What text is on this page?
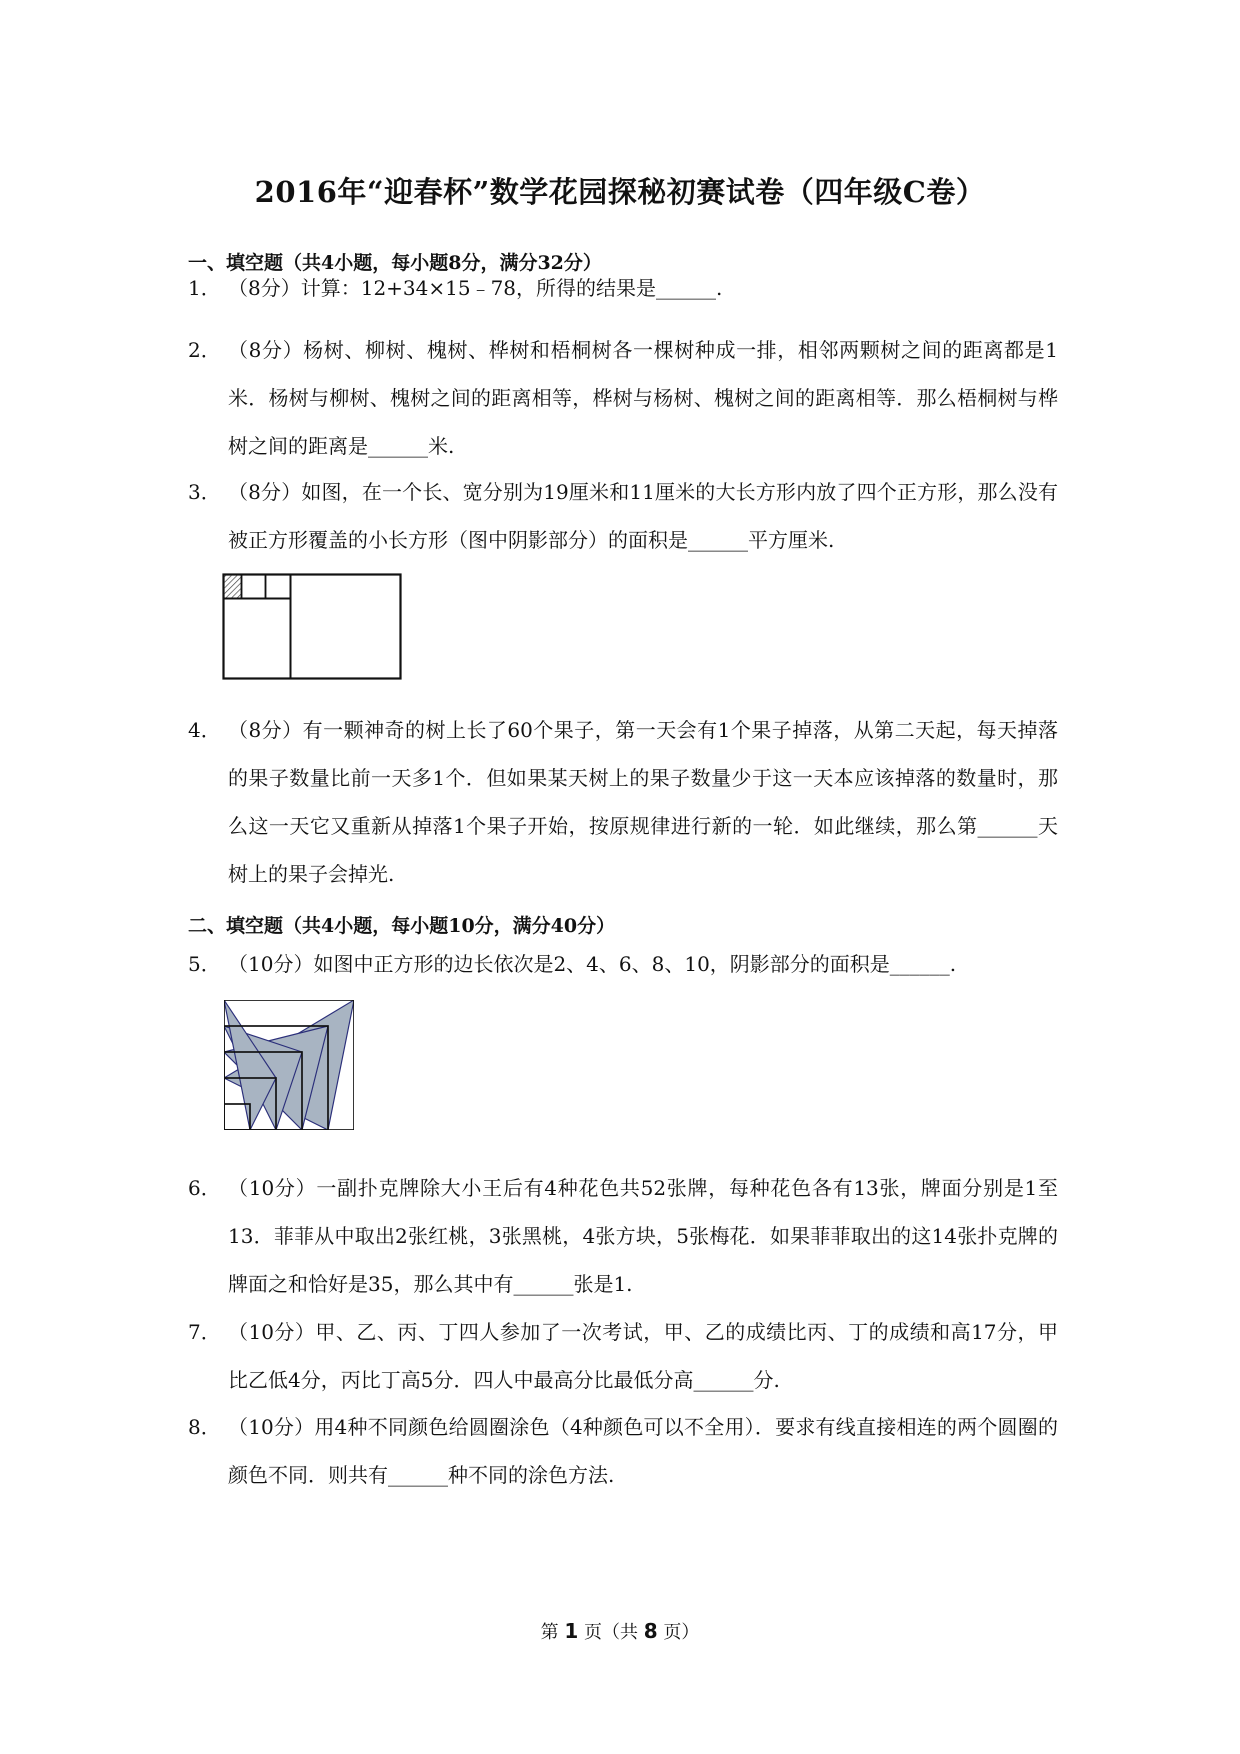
2016年“迎春杯”数学花园探秘初赛试卷（四年级C卷）
一、填空题（共4小题，每小题8分，满分32分）
1． （8分）计算：12+34×15﹣78，所得的结果是______.
2． （8分）杨树、柳树、槐树、桦树和梧桐树各一棵树种成一排，相邻两颗树之间的距离都是1米．杨树与柳树、槐树之间的距离相等，桦树与杨树、槐树之间的距离相等．那么梧桐树与桦树之间的距离是______米.
3． （8分）如图，在一个长、宽分别为19厘米和11厘米的大长方形内放了四个正方形，那么没有被正方形覆盖的小长方形（图中阴影部分）的面积是______平方厘米.
4． （8分）有一颗神奇的树上长了60个果子，第一天会有1个果子掉落，从第二天起，每天掉落的果子数量比前一天多1个．但如果某天树上的果子数量少于这一天本应该掉落的数量时，那么这一天它又重新从掉落1个果子开始，按原规律进行新的一轮．如此继续，那么第______天树上的果子会掉光.
二、填空题（共4小题，每小题10分，满分40分）
5． （10分）如图中正方形的边长依次是2、4、6、8、10，阴影部分的面积是______.
6． （10分）一副扑克牌除大小王后有4种花色共52张牌，每种花色各有13张，牌面分别是1至13．菲菲从中取出2张红桃，3张黑桃，4张方块，5张梅花．如果菲菲取出的这14张扑克牌的牌面之和恰好是35，那么其中有______张是1.
7． （10分）甲、乙、丙、丁四人参加了一次考试，甲、乙的成绩比丙、丁的成绩和高17分，甲比乙低4分，丙比丁高5分．四人中最高分比最低分高______分.
8． （10分）用4种不同颜色给圆圈涂色（4种颜色可以不全用）．要求有线直接相连的两个圆圈的颜色不同．则共有______种不同的涂色方法.
第 1 页（共 8 页）
